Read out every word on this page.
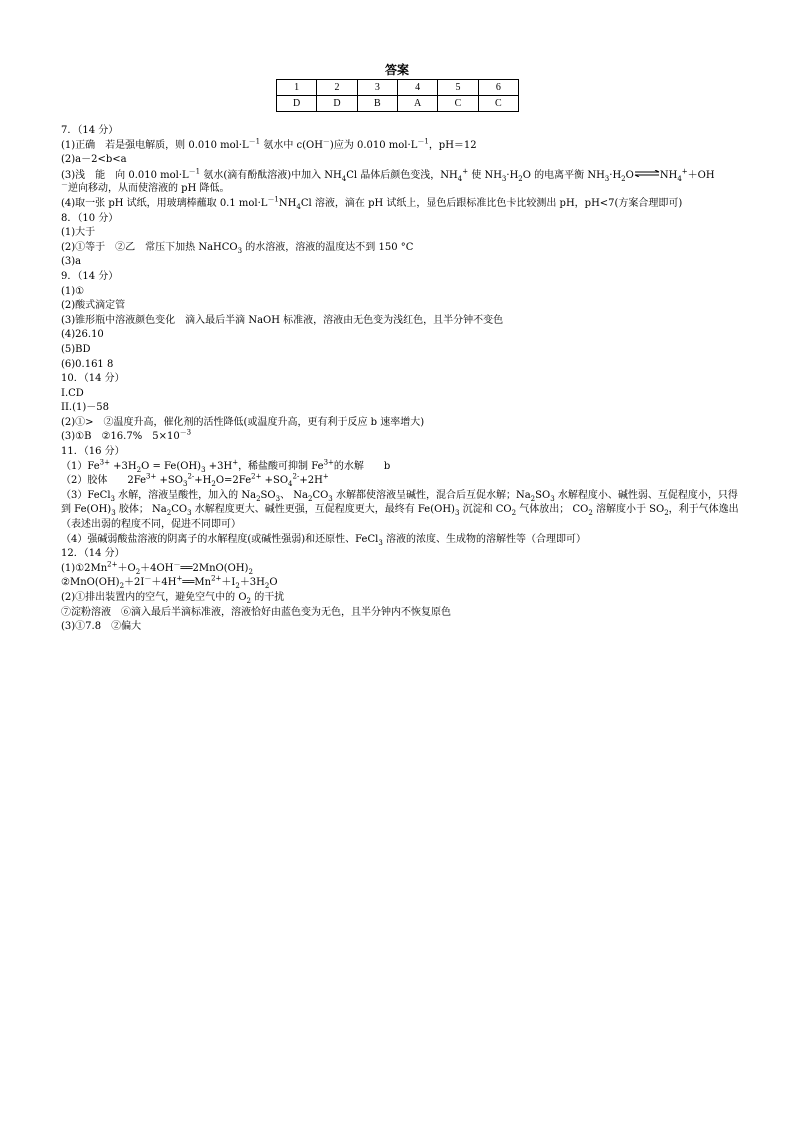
答案
1	2	3	4	5	6
D	D	B	A	C	C
7．（14 分）
(1)正确　若是强电解质，则 0.010 $mol\cdot L^{-1}$ 氨水中 c(OH－)应为 0.010 $mol\cdot L^{-1}$，pH＝12
(2)a－2<b<a
(3)浅　能　向 0.010 $mol\cdot L^{-1}$ 氨水(滴有酚酞溶液)中加入 $NH_4Cl$ 晶体后颜色变浅，$NH_4^+$ 使 $NH_3\cdot H_2O$ 的电离平衡 $NH_3\cdot H_2O\rightleftharpoons NH_4^++OH$
－逆向移动，从而使溶液的 pH 降低。
(4)取一张 pH 试纸，用玻璃棒蘸取 0.1 $mol\cdot L^{-1}NH_4Cl$ 溶液，滴在 pH 试纸上，显色后跟标准比色卡比较测出 pH，pH<7(方案合理即可)
8．（10 分）
(1)大于
(2)①等于　②乙　常压下加热 NaHCO$_3$ 的水溶液，溶液的温度达不到 150 °C
(3)a
9．（14 分）
(1)①
(2)酸式滴定管
(3)锥形瓶中溶液颜色变化　滴入最后半滴 NaOH 标准液，溶液由无色变为浅红色，且半分钟不变色
(4)26.10
(5)BD
(6)0.161 8
10．（14 分）
I.CD
II.(1)－58
(2)①>　②温度升高，催化剂的活性降低(或温度升高，更有利于反应 b 速率增大)
(3)①B　②16.7%　$5\times 10^{-3}$
11．（16 分）
$(1)Fe^{3+} +3H_2O = Fe(OH)_3 +3H^+$，稀盐酸可抑制 $Fe^{3+}$的水解　　b
（2）胶体　　$2Fe^{3+} +SO_3^{2-}+H_2O=2Fe^{2+} +SO_4^{2-}+2H^+$
（3）FeCl$_3$ 水解，溶液呈酸性，加入的 $Na_2SO_3$、 $Na_2CO_3$ 水解都使溶液呈碱性，混合后互促水解；$Na_2SO_3$ 水解程度小、碱性弱、互促程度小，只得到 $Fe(OH)_3$ 胶体； $Na_2CO_3$ 水解程度更大、碱性更强，互促程度更大，最终有 $Fe(OH)_3$ 沉淀和 $CO_2$ 气体放出； $CO_2$ 溶解度小于 $SO_2$，利于气体逸出（表述出弱的程度不同，促进不同即可）
（4）强碱弱酸盐溶液的阴离子的水解程度(或碱性强弱)和还原性、FeCl$_3$ 溶液的浓度、生成物的溶解性等（合理即可）
12．（14 分）
$(1)①2Mn^{2+}+O_2+4OH^-══2MnO(OH)_2$
$②MnO(OH)_2+2I^-+4H^+══Mn^{2+}+I_2+3H_2O$
(2)①排出装置内的空气，避免空气中的 $O_2$ 的干扰
⑦淀粉溶液　⑥滴入最后半滴标准液，溶液恰好由蓝色变为无色，且半分钟内不恢复原色
(3)①7.8　②偏大
